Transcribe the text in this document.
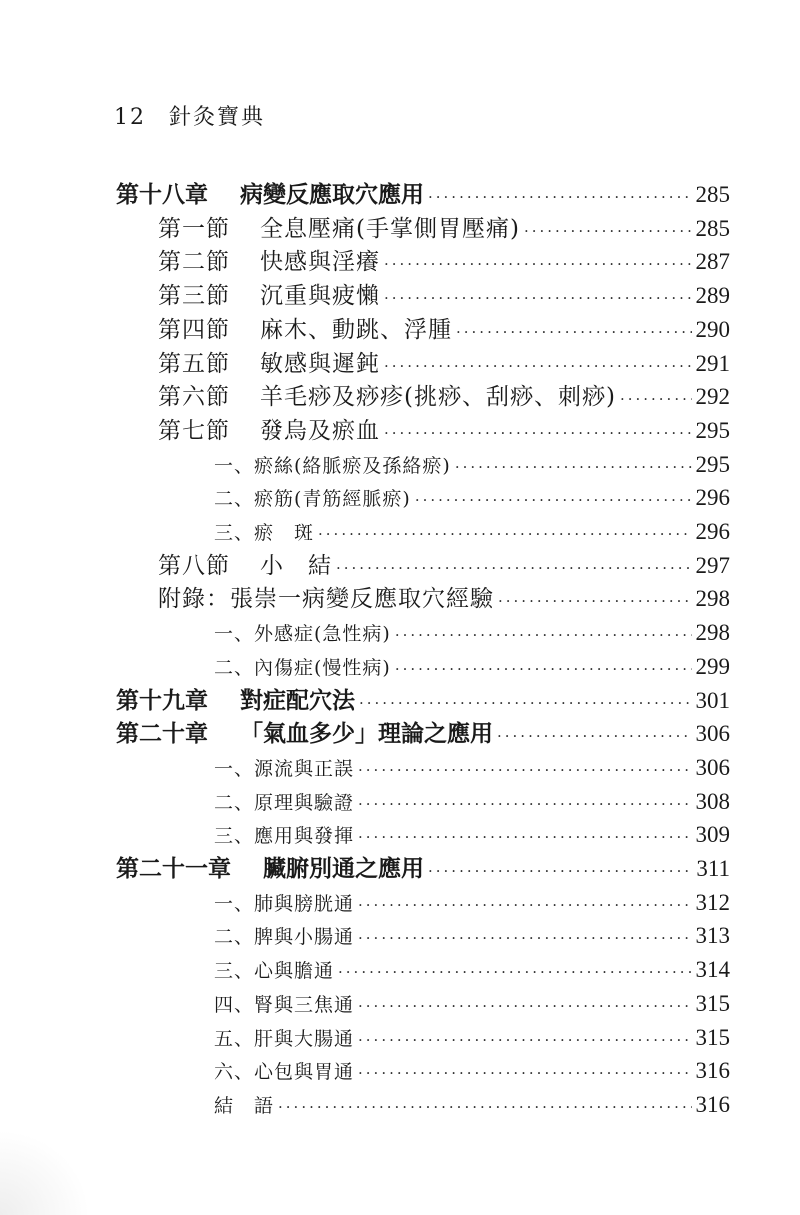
12 針灸寶典
第十八章 病變反應取穴應用 ·····	285
第一節 全息壓痛(手掌側胃壓痛) ·····	285
第二節 快感與淫癢 ·····	287
第三節 沉重與疲懶 ·····	289
第四節 麻木、動跳、浮腫 ·····	290
第五節 敏感與遲鈍 ·····	291
第六節 羊毛痧及痧疹(挑痧、刮痧、刺痧) ·····	292
第七節 發烏及瘀血 ·····	295
一、瘀絲(絡脈瘀及孫絡瘀) ·····	295
二、瘀筋(青筋經脈瘀) ·····	296
三、瘀　斑 ·····	296
第八節 小　結 ·····	297
附錄：張崇一病變反應取穴經驗 ·····	298
一、外感症(急性病) ·····	298
二、內傷症(慢性病) ·····	299
第十九章 對症配穴法 ·····	301
第二十章 「氣血多少」理論之應用 ·····	306
一、源流與正誤 ·····	306
二、原理與驗證 ·····	308
三、應用與發揮 ·····	309
第二十一章 臟腑別通之應用 ·····	311
一、肺與膀胱通 ·····	312
二、脾與小腸通 ·····	313
三、心與膽通 ·····	314
四、腎與三焦通 ·····	315
五、肝與大腸通 ·····	315
六、心包與胃通 ·····	316
結　語 ·····	316
